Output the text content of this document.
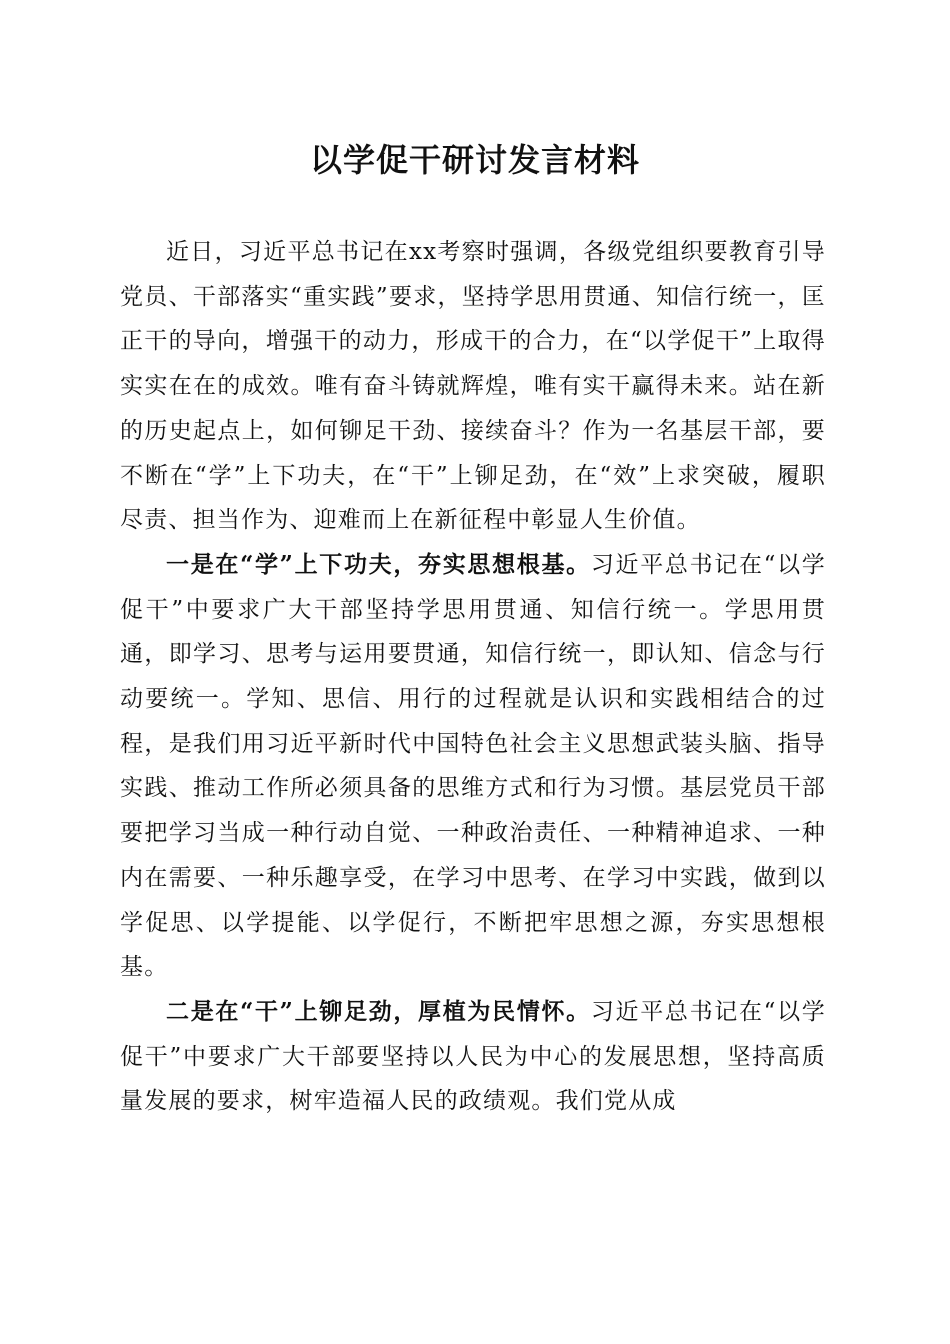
以学促干研讨发言材料

近日，习近平总书记在xx考察时强调，各级党组织要教育引导党员、干部落实“重实践”要求，坚持学思用贯通、知信行统一，匡正干的导向，增强干的动力，形成干的合力，在“以学促干”上取得实实在在的成效。唯有奋斗铸就辉煌，唯有实干赢得未来。站在新的历史起点上，如何铆足干劲、接续奋斗？作为一名基层干部，要不断在“学”上下功夫，在“干”上铆足劲，在“效”上求突破，履职尽责、担当作为、迎难而上在新征程中彰显人生价值。

一是在“学”上下功夫，夯实思想根基。习近平总书记在“以学促干”中要求广大干部坚持学思用贯通、知信行统一。学思用贯通，即学习、思考与运用要贯通，知信行统一，即认知、信念与行动要统一。学知、思信、用行的过程就是认识和实践相结合的过程，是我们用习近平新时代中国特色社会主义思想武装头脑、指导实践、推动工作所必须具备的思维方式和行为习惯。基层党员干部要把学习当成一种行动自觉、一种政治责任、一种精神追求、一种内在需要、一种乐趣享受，在学习中思考、在学习中实践，做到以学促思、以学提能、以学促行，不断把牢思想之源，夯实思想根基。

二是在“干”上铆足劲，厚植为民情怀。习近平总书记在“以学促干”中要求广大干部要坚持以人民为中心的发展思想，坚持高质量发展的要求，树牢造福人民的政绩观。我们党从成
